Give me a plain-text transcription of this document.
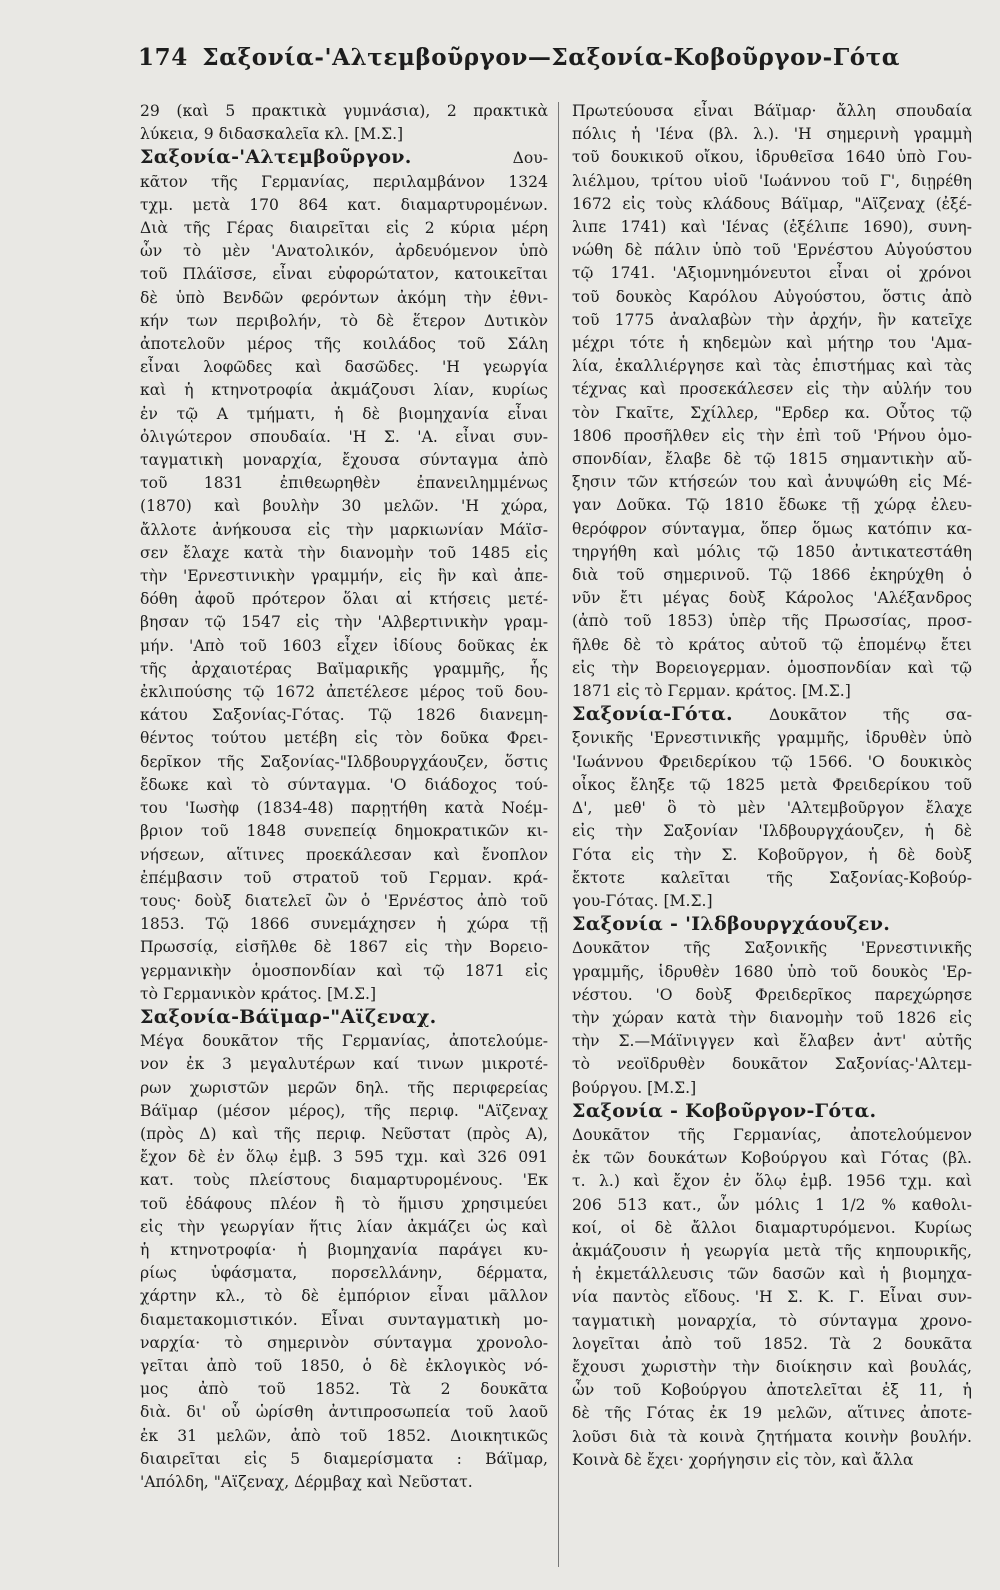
174 Σαξονία-'Αλτεμβοῦργον—Σαξονία-Κοβοῦργον-Γότα
29 (καὶ 5 πρακτικὰ γυμνάσια), 2 πρακτικὰ
λύκεια, 9 διδασκαλεῖα κλ. [Μ.Σ.]
Σαξονία-'Αλτεμβοῦργον.	Δου-
κᾶτον τῆς Γερμανίας, περιλαμβάνον 1324
τχμ. μετὰ 170 864 κατ. διαμαρτυρομένων.
Διὰ τῆς Γέρας διαιρεῖται εἰς 2 κύρια μέρη
ὧν τὸ μὲν 'Ανατολικόν, ἀρδευόμενον ὑπὸ
τοῦ Πλάϊσσε, εἶναι εὐφορώτατον, κατοικεῖται
δὲ ὑπὸ Βενδῶν φερόντων ἀκόμη τὴν ἐθνι-
κήν των περιβολήν, τὸ δὲ ἕτερον Δυτικὸν
ἀποτελοῦν μέρος τῆς κοιλάδος τοῦ Σάλη
εἶναι λοφῶδες καὶ δασῶδες. 'Η γεωργία
καὶ ἡ κτηνοτροφία ἀκμάζουσι λίαν, κυρίως
ἐν τῷ Α τμήματι, ἡ δὲ βιομηχανία εἶναι
ὀλιγώτερον σπουδαία. 'Η Σ. 'Α. εἶναι συν-
ταγματικὴ μοναρχία, ἔχουσα σύνταγμα ἀπὸ
τοῦ 1831 ἐπιθεωρηθὲν ἐπανειλημμένως
(1870) καὶ βουλὴν 30 μελῶν. 'Η χώρα,
ἄλλοτε ἀνήκουσα εἰς τὴν μαρκιωνίαν Μάϊσ-
σεν ἔλαχε κατὰ τὴν διανομὴν τοῦ 1485 εἰς
τὴν 'Ερνεστινικὴν γραμμήν, εἰς ἣν καὶ ἀπε-
δόθη ἀφοῦ πρότερον ὅλαι αἱ κτήσεις μετέ-
βησαν τῷ 1547 εἰς τὴν 'Αλβερτινικὴν γραμ-
μήν. 'Απὸ τοῦ 1603 εἶχεν ἰδίους δοῦκας ἐκ
τῆς ἀρχαιοτέρας Βαϊμαρικῆς γραμμῆς, ἧς
ἐκλιπούσης τῷ 1672 ἀπετέλεσε μέρος τοῦ δου-
κάτου Σαξονίας-Γότας. Τῷ 1826 διανεμη-
θέντος τούτου μετέβη εἰς τὸν δοῦκα Φρει-
δερῖκον τῆς Σαξονίας-"Ιλδβουργχάουζεν, ὅστις
ἔδωκε καὶ τὸ σύνταγμα. 'Ο διάδοχος τού-
του 'Ιωσὴφ (1834-48) παρῃτήθη κατὰ Νοέμ-
βριον τοῦ 1848 συνεπείᾳ δημοκρατικῶν κι-
νήσεων, αἵτινες προεκάλεσαν καὶ ἔνοπλον
ἐπέμβασιν τοῦ στρατοῦ τοῦ Γερμαν. κρά-
τους· δοὺξ διατελεῖ ὢν ὁ 'Ερνέστος ἀπὸ τοῦ
1853. Τῷ 1866 συνεμάχησεν ἡ χώρα τῇ
Πρωσσίᾳ, εἰσῆλθε δὲ 1867 εἰς τὴν Βορειο-
γερμανικὴν ὁμοσπονδίαν καὶ τῷ 1871 εἰς
τὸ Γερμανικὸν κράτος. [Μ.Σ.]
Σαξονία-Βάϊμαρ-"Αϊζεναχ.
Μέγα δουκᾶτον τῆς Γερμανίας, ἀποτελούμε-
νον ἐκ 3 μεγαλυτέρων καί τινων μικροτέ-
ρων χωριστῶν μερῶν δηλ. τῆς περιφερείας
Βάϊμαρ (μέσον μέρος), τῆς περιφ. "Αϊζεναχ
(πρὸς Δ) καὶ τῆς περιφ. Νεῦστατ (πρὸς Α),
ἔχον δὲ ἐν ὅλῳ ἐμβ. 3 595 τχμ. καὶ 326 091
κατ. τοὺς πλείστους διαμαρτυρομένους. 'Εκ
τοῦ ἐδάφους πλέον ἢ τὸ ἥμισυ χρησιμεύει
εἰς τὴν γεωργίαν ἥτις λίαν ἀκμάζει ὡς καὶ
ἡ κτηνοτροφία· ἡ βιομηχανία παράγει κυ-
ρίως ὑφάσματα, πορσελλάνην, δέρματα,
χάρτην κλ., τὸ δὲ ἐμπόριον εἶναι μᾶλλον
διαμετακομιστικόν. Εἶναι συνταγματικὴ μο-
ναρχία· τὸ σημερινὸν σύνταγμα χρονολο-
γεῖται ἀπὸ τοῦ 1850, ὁ δὲ ἐκλογικὸς νό-
μος ἀπὸ τοῦ 1852. Τὰ 2 δουκᾶτα
διὰ. δι' οὗ ὡρίσθη ἀντιπροσωπεία τοῦ λαοῦ
ἐκ 31 μελῶν, ἀπὸ τοῦ 1852. Διοικητικῶς
διαιρεῖται εἰς 5 διαμερίσματα : Βάϊμαρ,
'Απόλδη, "Αϊζεναχ, Δέρμβαχ καὶ Νεῦστατ.
Πρωτεύουσα εἶναι Βάϊμαρ· ἄλλη σπουδαία
πόλις ἡ 'Ιένα (βλ. λ.). 'Η σημερινὴ γραμμὴ
τοῦ δουκικοῦ οἴκου, ἱδρυθεῖσα 1640 ὑπὸ Γου-
λιέλμου, τρίτου υἱοῦ 'Ιωάννου τοῦ Γ', διῃρέθη
1672 εἰς τοὺς κλάδους Βάϊμαρ, "Αϊζεναχ (ἐξέ-
λιπε 1741) καὶ 'Ιένας (ἐξέλιπε 1690), συνη-
νώθη δὲ πάλιν ὑπὸ τοῦ 'Ερνέστου Αὐγούστου
τῷ 1741. 'Αξιομνημόνευτοι εἶναι οἱ χρόνοι
τοῦ δουκὸς Καρόλου Αὐγούστου, ὅστις ἀπὸ
τοῦ 1775 ἀναλαβὼν τὴν ἀρχήν, ἣν κατεῖχε
μέχρι τότε ἡ κηδεμὼν καὶ μήτηρ του 'Αμα-
λία, ἐκαλλιέργησε καὶ τὰς ἐπιστήμας καὶ τὰς
τέχνας καὶ προσεκάλεσεν εἰς τὴν αὐλήν του
τὸν Γκαῖτε, Σχίλλερ, "Ερδερ κα. Οὗτος τῷ
1806 προσῆλθεν εἰς τὴν ἐπὶ τοῦ 'Ρήνου ὁμο-
σπονδίαν, ἔλαβε δὲ τῷ 1815 σημαντικὴν αὔ-
ξησιν τῶν κτήσεών του καὶ ἀνυψώθη εἰς Μέ-
γαν Δοῦκα. Τῷ 1810 ἔδωκε τῇ χώρᾳ ἐλευ-
θερόφρον σύνταγμα, ὅπερ ὅμως κατόπιν κα-
τηργήθη καὶ μόλις τῷ 1850 ἀντικατεστάθη
διὰ τοῦ σημερινοῦ. Τῷ 1866 ἐκηρύχθη ὁ
νῦν ἔτι μέγας δοὺξ Κάρολος 'Αλέξανδρος
(ἀπὸ τοῦ 1853) ὑπὲρ τῆς Πρωσσίας, προσ-
ῆλθε δὲ τὸ κράτος αὐτοῦ τῷ ἑπομένῳ ἔτει
εἰς τὴν Βορειογερμαν. ὁμοσπονδίαν καὶ τῷ
1871 εἰς τὸ Γερμαν. κράτος. [Μ.Σ.]
Σαξονία-Γότα. Δουκᾶτον τῆς σα-
ξονικῆς 'Ερνεστινικῆς γραμμῆς, ἱδρυθὲν ὑπὸ
'Ιωάννου Φρειδερίκου τῷ 1566. 'Ο δουκικὸς
οἶκος ἔληξε τῷ 1825 μετὰ Φρειδερίκου τοῦ
Δ', μεθ' ὃ τὸ μὲν 'Αλτεμβοῦργον ἔλαχε
εἰς τὴν Σαξονίαν 'Ιλδβουργχάουζεν, ἡ δὲ
Γότα εἰς τὴν Σ. Κοβοῦργον, ἡ δὲ δοὺξ
ἔκτοτε καλεῖται τῆς Σαξονίας-Κοβούρ-
γου-Γότας. [Μ.Σ.]
Σαξονία - 'Ιλδβουργχάουζεν.
Δουκᾶτον τῆς Σαξονικῆς 'Ερνεστινικῆς
γραμμῆς, ἱδρυθὲν 1680 ὑπὸ τοῦ δουκὸς 'Ερ-
νέστου. 'Ο δοὺξ Φρειδερῖκος παρεχώρησε
τὴν χώραν κατὰ τὴν διανομὴν τοῦ 1826 εἰς
τὴν Σ.—Μάϊνιγγεν καὶ ἔλαβεν ἀντ' αὐτῆς
τὸ νεοϊδρυθὲν δουκᾶτον Σαξονίας-'Αλτεμ-
βούργου. [Μ.Σ.]
Σαξονία - Κοβοῦργον-Γότα.
Δουκᾶτον τῆς Γερμανίας, ἀποτελούμενον
ἐκ τῶν δουκάτων Κοβούργου καὶ Γότας (βλ.
τ. λ.) καὶ ἔχον ἐν ὅλῳ ἐμβ. 1956 τχμ. καὶ
206 513 κατ., ὧν μόλις 1 1/2 % καθολι-
κοί, οἱ δὲ ἄλλοι διαμαρτυρόμενοι. Κυρίως
ἀκμάζουσιν ἡ γεωργία μετὰ τῆς κηπουρικῆς,
ἡ ἐκμετάλλευσις τῶν δασῶν καὶ ἡ βιομηχα-
νία παντὸς εἴδους. 'Η Σ. Κ. Γ. Εἶναι συν-
ταγματικὴ μοναρχία, τὸ σύνταγμα χρονο-
λογεῖται ἀπὸ τοῦ 1852. Τὰ 2 δουκᾶτα
ἔχουσι χωριστὴν τὴν διοίκησιν καὶ βουλάς,
ὧν τοῦ Κοβούργου ἀποτελεῖται ἐξ 11, ἡ
δὲ τῆς Γότας ἐκ 19 μελῶν, αἵτινες ἀποτε-
λοῦσι διὰ τὰ κοινὰ ζητήματα κοινὴν βουλήν.
Κοινὰ δὲ ἔχει· χορήγησιν εἰς τὸν, καὶ ἄλλα
